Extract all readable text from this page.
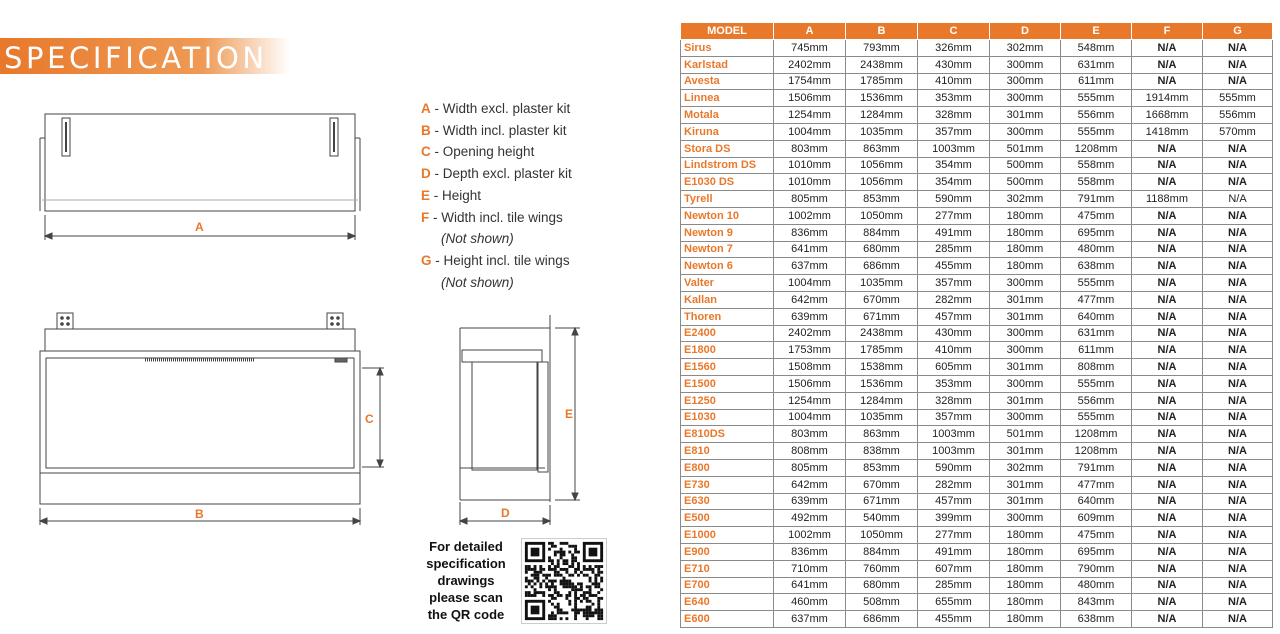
SPECIFICATION
A
C
B
E
D
A - Width excl. plaster kit
B - Width incl. plaster kit
C - Opening height
D - Depth excl. plaster kit
E - Height
F - Width incl. tile wings
(Not shown)
G - Height incl. tile wings
(Not shown)
For detailed specification drawings please scan the QR code
MODEL	A	B	C	D	E	F	G
Sirus	745mm	793mm	326mm	302mm	548mm	N/A	N/A
Karlstad	2402mm	2438mm	430mm	300mm	631mm	N/A	N/A
Avesta	1754mm	1785mm	410mm	300mm	611mm	N/A	N/A
Linnea	1506mm	1536mm	353mm	300mm	555mm	1914mm	555mm
Motala	1254mm	1284mm	328mm	301mm	556mm	1668mm	556mm
Kiruna	1004mm	1035mm	357mm	300mm	555mm	1418mm	570mm
Stora DS	803mm	863mm	1003mm	501mm	1208mm	N/A	N/A
Lindstrom DS	1010mm	1056mm	354mm	500mm	558mm	N/A	N/A
E1030 DS	1010mm	1056mm	354mm	500mm	558mm	N/A	N/A
Tyrell	805mm	853mm	590mm	302mm	791mm	1188mm	N/A
Newton 10	1002mm	1050mm	277mm	180mm	475mm	N/A	N/A
Newton 9	836mm	884mm	491mm	180mm	695mm	N/A	N/A
Newton 7	641mm	680mm	285mm	180mm	480mm	N/A	N/A
Newton 6	637mm	686mm	455mm	180mm	638mm	N/A	N/A
Valter	1004mm	1035mm	357mm	300mm	555mm	N/A	N/A
Kallan	642mm	670mm	282mm	301mm	477mm	N/A	N/A
Thoren	639mm	671mm	457mm	301mm	640mm	N/A	N/A
E2400	2402mm	2438mm	430mm	300mm	631mm	N/A	N/A
E1800	1753mm	1785mm	410mm	300mm	611mm	N/A	N/A
E1560	1508mm	1538mm	605mm	301mm	808mm	N/A	N/A
E1500	1506mm	1536mm	353mm	300mm	555mm	N/A	N/A
E1250	1254mm	1284mm	328mm	301mm	556mm	N/A	N/A
E1030	1004mm	1035mm	357mm	300mm	555mm	N/A	N/A
E810DS	803mm	863mm	1003mm	501mm	1208mm	N/A	N/A
E810	808mm	838mm	1003mm	301mm	1208mm	N/A	N/A
E800	805mm	853mm	590mm	302mm	791mm	N/A	N/A
E730	642mm	670mm	282mm	301mm	477mm	N/A	N/A
E630	639mm	671mm	457mm	301mm	640mm	N/A	N/A
E500	492mm	540mm	399mm	300mm	609mm	N/A	N/A
E1000	1002mm	1050mm	277mm	180mm	475mm	N/A	N/A
E900	836mm	884mm	491mm	180mm	695mm	N/A	N/A
E710	710mm	760mm	607mm	180mm	790mm	N/A	N/A
E700	641mm	680mm	285mm	180mm	480mm	N/A	N/A
E640	460mm	508mm	655mm	180mm	843mm	N/A	N/A
E600	637mm	686mm	455mm	180mm	638mm	N/A	N/A
